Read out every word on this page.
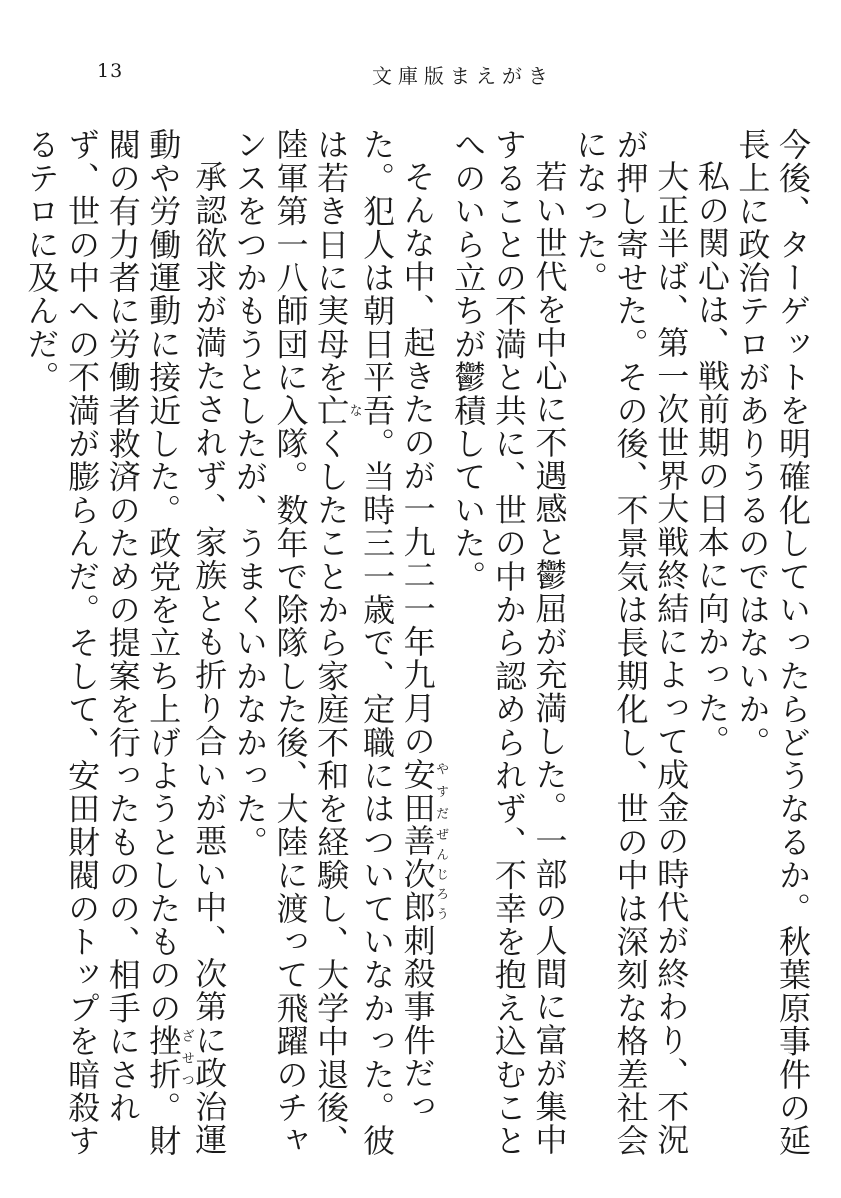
13	文庫版まえがき

今後、ターゲットを明確化していったらどうなるか。秋葉原事件の延長上に政治テロがありうるのではないか。

私の関心は、戦前期の日本に向かった。

大正半ば、第一次世界大戦終結によって成金の時代が終わり、不況が押し寄せた。その後、不景気は長期化し、世の中は深刻な格差社会になった。

若い世代を中心に不遇感と鬱屈が充満した。一部の人間に富が集中することの不満と共に、世の中から認められず、不幸を抱え込むことへのいら立ちが鬱積していた。

そんな中、起きたのが一九二一年九月の安田やすだ善次郎ぜんじろう刺殺事件だった。犯人は朝日平吾。当時三一歳で、定職にはついていなかった。彼は若き日に実母を亡なくしたことから家庭不和を経験し、大学中退後、陸軍第一八師団に入隊。数年で除隊した後、大陸に渡って飛躍のチャンスをつかもうとしたが、うまくいかなかった。

承認欲求が満たされず、家族とも折り合いが悪い中、次第に政治運動や労働運動に接近した。政党を立ち上げようとしたものの挫折ざせつ。財閥の有力者に労働者救済のための提案を行ったものの、相手にされず、世の中への不満が膨らんだ。そして、安田財閥のトップを暗殺するテロに及んだ。
